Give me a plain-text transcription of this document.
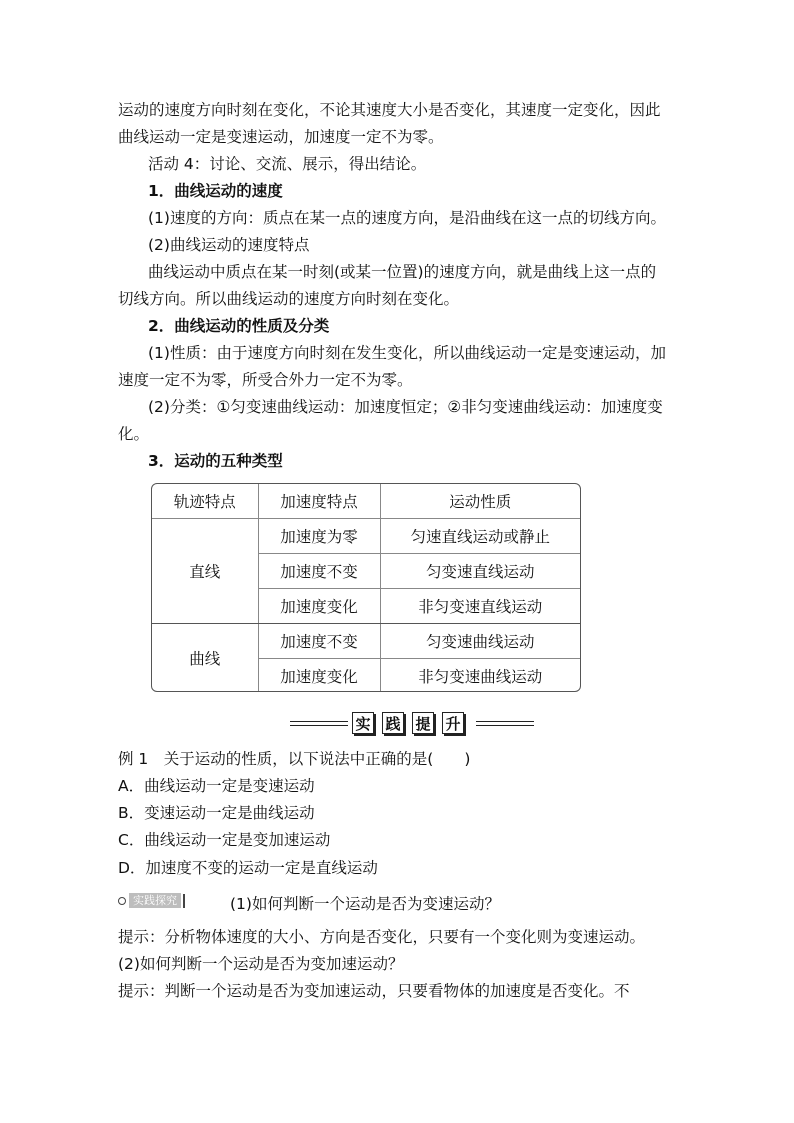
运动的速度方向时刻在变化，不论其速度大小是否变化，其速度一定变化，因此
曲线运动一定是变速运动，加速度一定不为零。
活动 4：讨论、交流、展示，得出结论。
1．曲线运动的速度
(1)速度的方向：质点在某一点的速度方向，是沿曲线在这一点的切线方向。
(2)曲线运动的速度特点
曲线运动中质点在某一时刻(或某一位置)的速度方向，就是曲线上这一点的
切线方向。所以曲线运动的速度方向时刻在变化。
2．曲线运动的性质及分类
(1)性质：由于速度方向时刻在发生变化，所以曲线运动一定是变速运动，加
速度一定不为零，所受合外力一定不为零。
(2)分类：①匀变速曲线运动：加速度恒定；②非匀变速曲线运动：加速度变
化。
3．运动的五种类型
轨迹特点	加速度特点	运动性质
直线	加速度为零	匀速直线运动或静止
	加速度不变	匀变速直线运动
	加速度变化	非匀变速直线运动
曲线	加速度不变	匀变速曲线运动
	加速度变化	非匀变速曲线运动
实 践 提 升
例 1　关于运动的性质，以下说法中正确的是(　　)
A．曲线运动一定是变速运动
B．变速运动一定是曲线运动
C．曲线运动一定是变加速运动
D．加速度不变的运动一定是直线运动
实践探究	(1)如何判断一个运动是否为变速运动？
提示：分析物体速度的大小、方向是否变化，只要有一个变化则为变速运动。
(2)如何判断一个运动是否为变加速运动？
提示：判断一个运动是否为变加速运动，只要看物体的加速度是否变化。不
